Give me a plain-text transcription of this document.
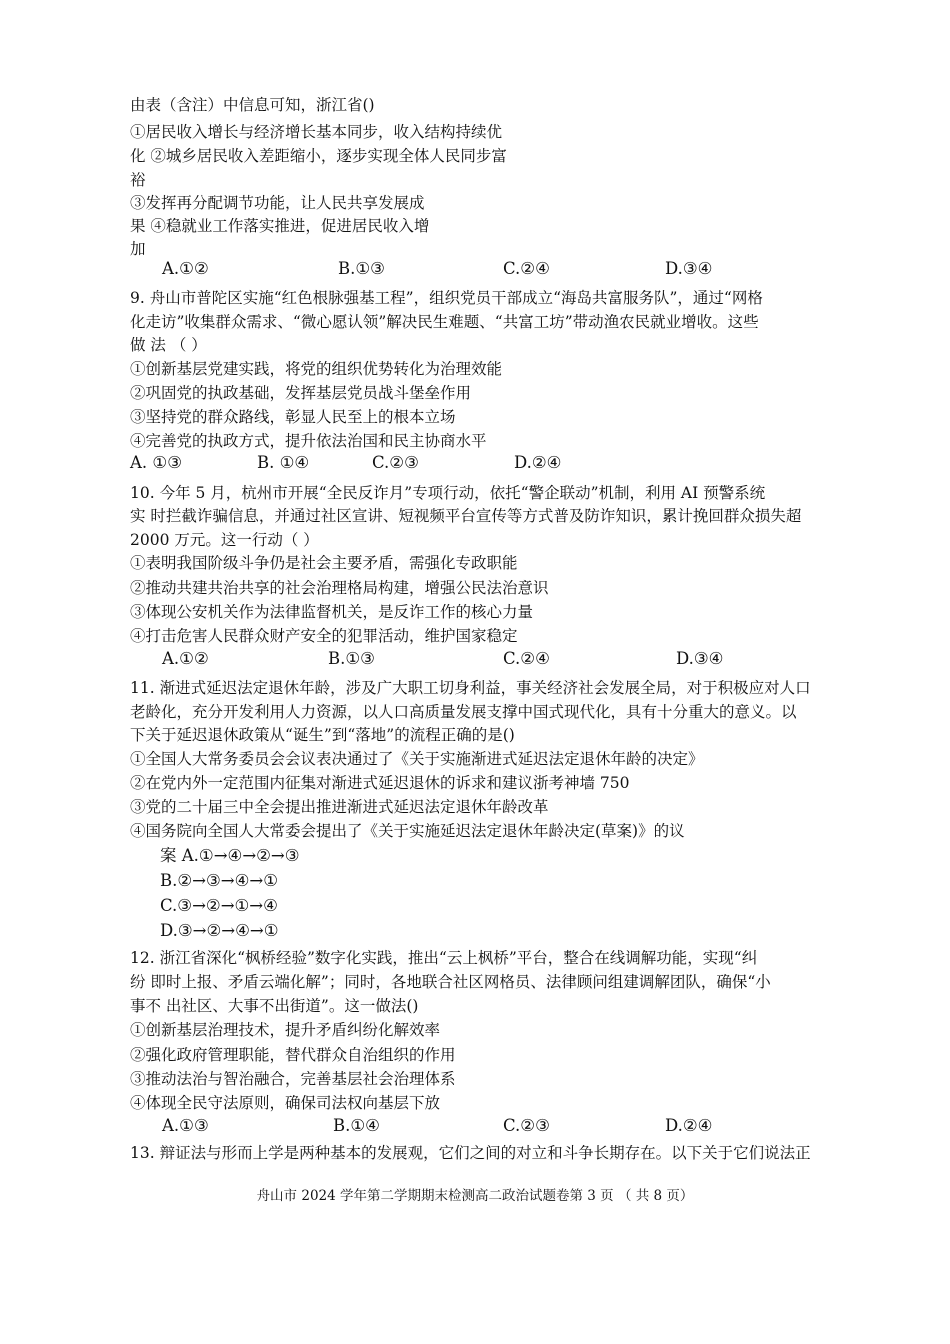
由表（含注）中信息可知，浙江省()
①居民收入增长与经济增长基本同步，收入结构持续优
化 ②城乡居民收入差距缩小，逐步实现全体人民同步富
裕
③发挥再分配调节功能，让人民共享发展成
果 ④稳就业工作落实推进，促进居民收入增
加
A.①②	B.①③	C.②④	D.③④
9. 舟山市普陀区实施“红色根脉强基工程”，组织党员干部成立“海岛共富服务队”，通过“网格
化走访”收集群众需求、“微心愿认领”解决民生难题、“共富工坊”带动渔农民就业增收。这些
做 法 （ ）
①创新基层党建实践，将党的组织优势转化为治理效能
②巩固党的执政基础，发挥基层党员战斗堡垒作用
③坚持党的群众路线，彰显人民至上的根本立场
④完善党的执政方式，提升依法治国和民主协商水平
A. ①③	B. ①④	C.②③	D.②④
10. 今年 5 月，杭州市开展“全民反诈月”专项行动，依托“警企联动”机制，利用 AI 预警系统
实 时拦截诈骗信息，并通过社区宣讲、短视频平台宣传等方式普及防诈知识，累计挽回群众损失超
2000 万元。这一行动（ ）
①表明我国阶级斗争仍是社会主要矛盾，需强化专政职能
②推动共建共治共享的社会治理格局构建，增强公民法治意识
③体现公安机关作为法律监督机关，是反诈工作的核心力量
④打击危害人民群众财产安全的犯罪活动，维护国家稳定
A.①②	B.①③	C.②④	D.③④
11. 渐进式延迟法定退休年龄，涉及广大职工切身利益，事关经济社会发展全局，对于积极应对人口
老龄化，充分开发利用人力资源，以人口高质量发展支撑中国式现代化，具有十分重大的意义。以
下关于延迟退休政策从“诞生”到“落地”的流程正确的是()
①全国人大常务委员会会议表决通过了《关于实施渐进式延迟法定退休年龄的决定》
②在党内外一定范围内征集对渐进式延迟退休的诉求和建议浙考神墙 750
③党的二十届三中全会提出推进渐进式延迟法定退休年龄改革
④国务院向全国人大常委会提出了《关于实施延迟法定退休年龄决定(草案)》的议
案 A.①→④→②→③
B.②→③→④→①
C.③→②→①→④
D.③→②→④→①
12. 浙江省深化“枫桥经验”数字化实践，推出“云上枫桥”平台，整合在线调解功能，实现“纠
纷 即时上报、矛盾云端化解”；同时，各地联合社区网格员、法律顾问组建调解团队，确保“小
事不 出社区、大事不出街道”。这一做法()
①创新基层治理技术，提升矛盾纠纷化解效率
②强化政府管理职能，替代群众自治组织的作用
③推动法治与智治融合，完善基层社会治理体系
④体现全民守法原则，确保司法权向基层下放
A.①③	B.①④	C.②③	D.②④
13. 辩证法与形而上学是两种基本的发展观，它们之间的对立和斗争长期存在。以下关于它们说法正
舟山市 2024 学年第二学期期末检测高二政治试题卷第 3 页 （ 共 8 页）
